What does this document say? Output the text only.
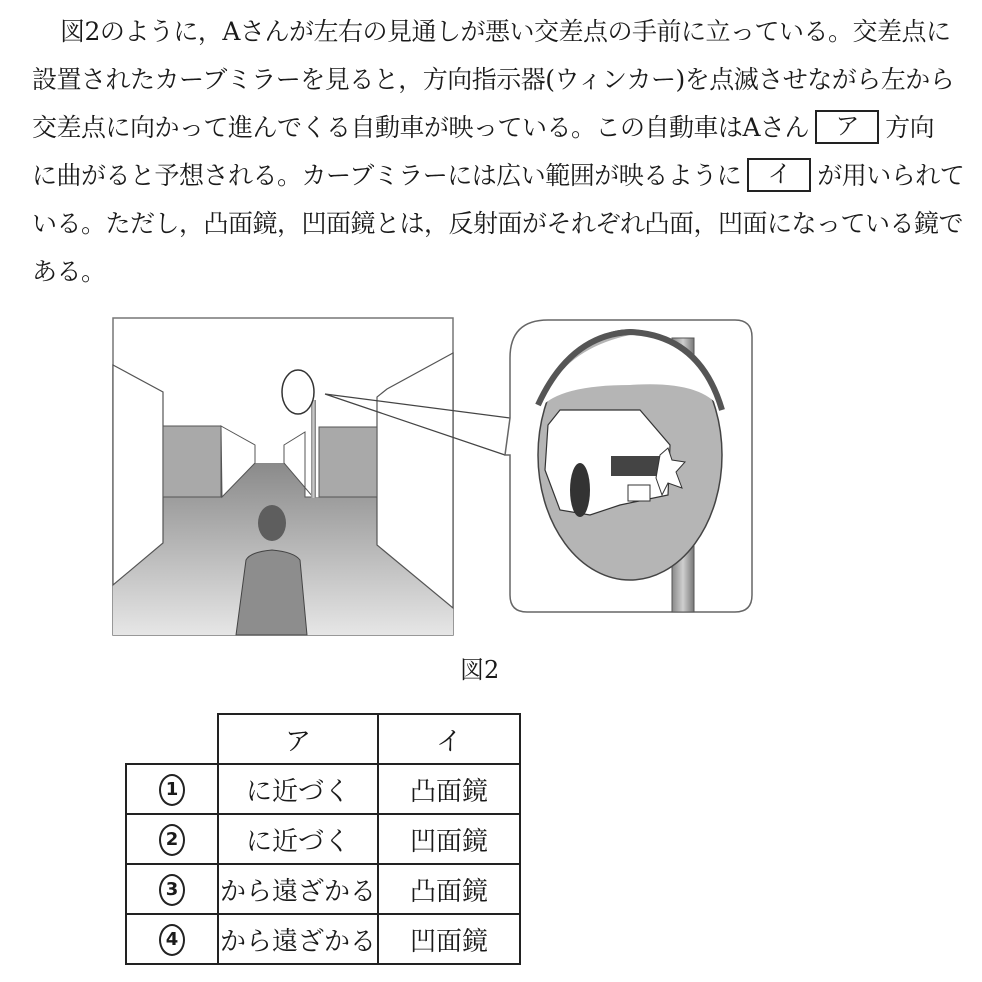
図2のように，Aさんが左右の見通しが悪い交差点の手前に立っている。交差点に
設置されたカーブミラーを見ると，方向指示器(ウィンカー)を点滅させながら左から
交差点に向かって進んでくる自動車が映っている。この自動車はAさん ア 方向
に曲がると予想される。カーブミラーには広い範囲が映るように イ が用いられて
いる。ただし，凸面鏡，凹面鏡とは，反射面がそれぞれ凸面，凹面になっている鏡で
ある。
図2
	ア	イ
1	に近づく	凸面鏡
2	に近づく	凹面鏡
3	から遠ざかる	凸面鏡
4	から遠ざかる	凹面鏡
